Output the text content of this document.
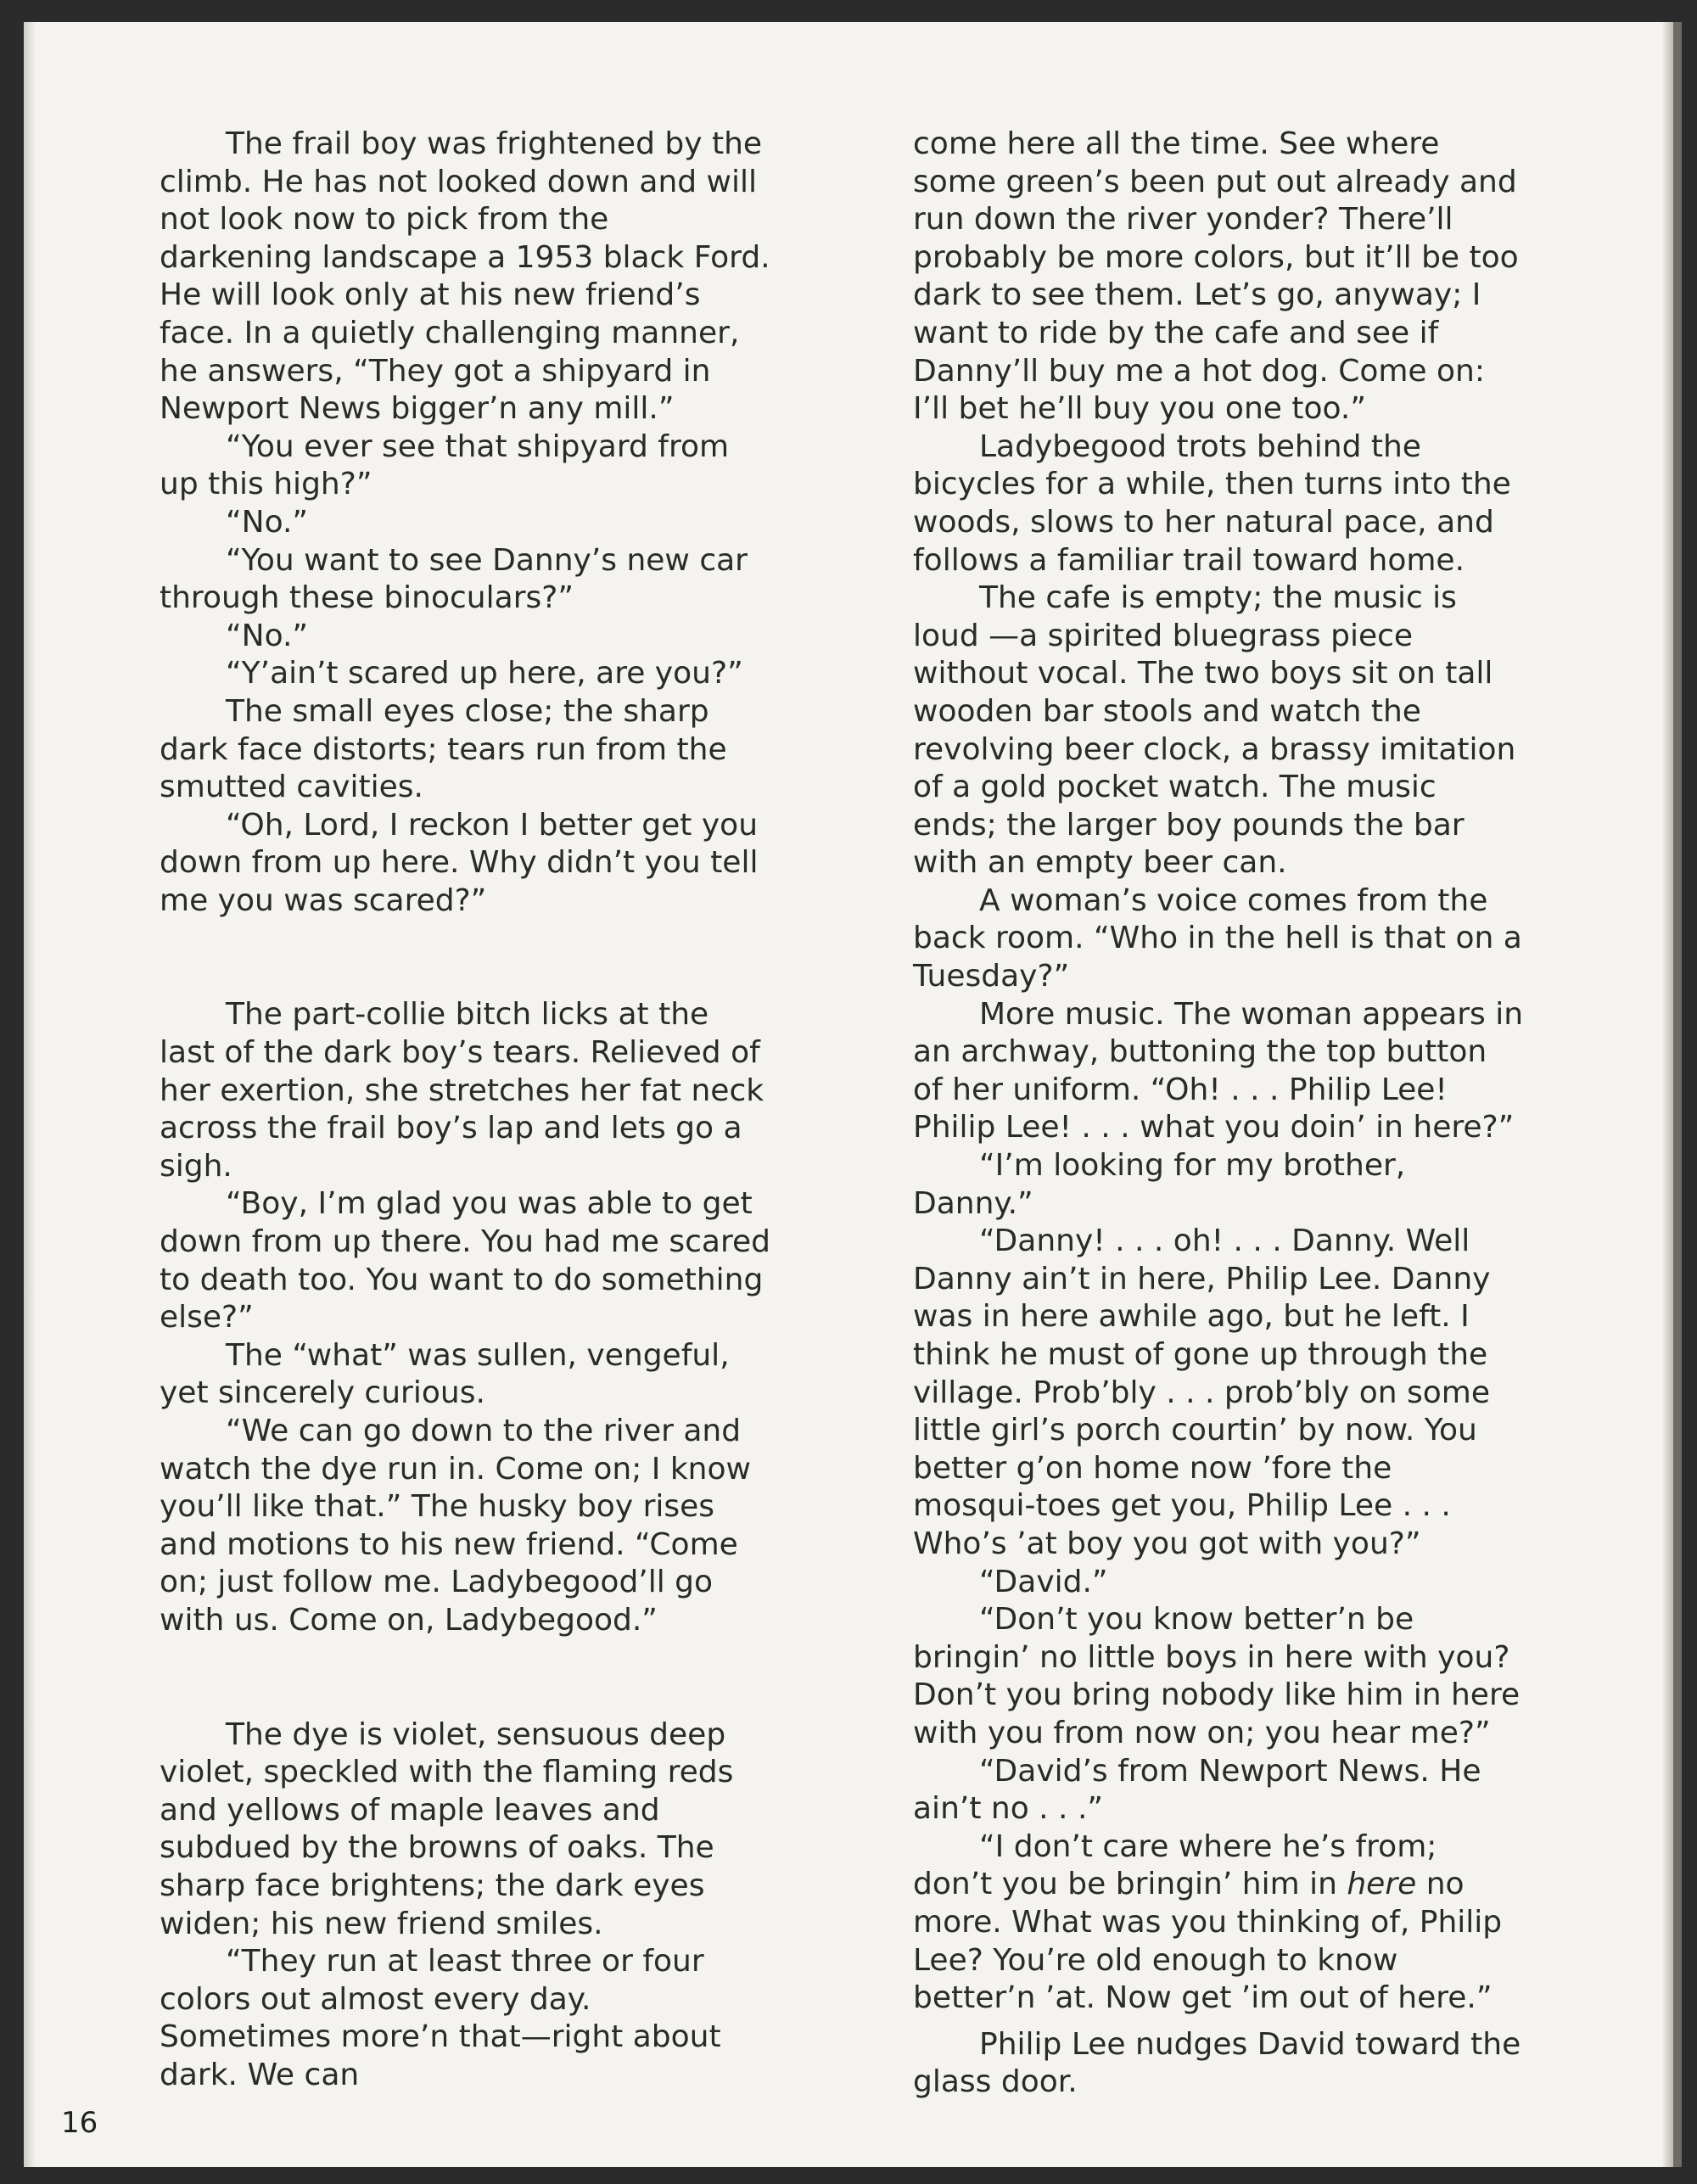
The frail boy was frightened by the climb. He has not looked down and will not look now to pick from the darkening landscape a 1953 black Ford. He will look only at his new friend’s face. In a quietly challenging manner, he answers, “They got a shipyard in Newport News bigger’n any mill.”

“You ever see that shipyard from up this high?”

“No.”

“You want to see Danny’s new car through these binoculars?”

“No.”

“Y’ain’t scared up here, are you?”

The small eyes close; the sharp dark face distorts; tears run from the smutted cavities.

“Oh, Lord, I reckon I better get you down from up here. Why didn’t you tell me you was scared?”

The part-collie bitch licks at the last of the dark boy’s tears. Relieved of her exertion, she stretches her fat neck across the frail boy’s lap and lets go a sigh.

“Boy, I’m glad you was able to get down from up there. You had me scared to death too. You want to do something else?”

The “what” was sullen, vengeful, yet sincerely curious.

“We can go down to the river and watch the dye run in. Come on; I know you’ll like that.” The husky boy rises and motions to his new friend. “Come on; just follow me. Ladybegood’ll go with us. Come on, Ladybegood.”

The dye is violet, sensuous deep violet, speckled with the flaming reds and yellows of maple leaves and subdued by the browns of oaks. The sharp face brightens; the dark eyes widen; his new friend smiles.

“They run at least three or four colors out almost every day. Sometimes more’n that—right about dark. We can

come here all the time. See where some green’s been put out already and run down the river yonder? There’ll probably be more colors, but it’ll be too dark to see them. Let’s go, anyway; I want to ride by the cafe and see if Danny’ll buy me a hot dog. Come on: I’ll bet he’ll buy you one too.”

Ladybegood trots behind the bicycles for a while, then turns into the woods, slows to her natural pace, and follows a familiar trail toward home.

The cafe is empty; the music is loud —a spirited bluegrass piece without vocal. The two boys sit on tall wooden bar stools and watch the revolving beer clock, a brassy imitation of a gold pocket watch. The music ends; the larger boy pounds the bar with an empty beer can.

A woman’s voice comes from the back room. “Who in the hell is that on a Tuesday?”

More music. The woman appears in an archway, buttoning the top button of her uniform. “Oh! . . . Philip Lee! Philip Lee! . . . what you doin’ in here?”

“I’m looking for my brother, Danny.”

“Danny! . . . oh! . . . Danny. Well Danny ain’t in here, Philip Lee. Danny was in here awhile ago, but he left. I think he must of gone up through the village. Prob’bly . . . prob’bly on some little girl’s porch courtin’ by now. You better g’on home now ’fore the mosqui-toes get you, Philip Lee . . . Who’s ’at boy you got with you?”

“David.”

“Don’t you know better’n be bringin’ no little boys in here with you? Don’t you bring nobody like him in here with you from now on; you hear me?”

“David’s from Newport News. He ain’t no . . .”

“I don’t care where he’s from; don’t you be bringin’ him in here no more. What was you thinking of, Philip Lee? You’re old enough to know better’n ’at. Now get ’im out of here.”

Philip Lee nudges David toward the glass door.

16
